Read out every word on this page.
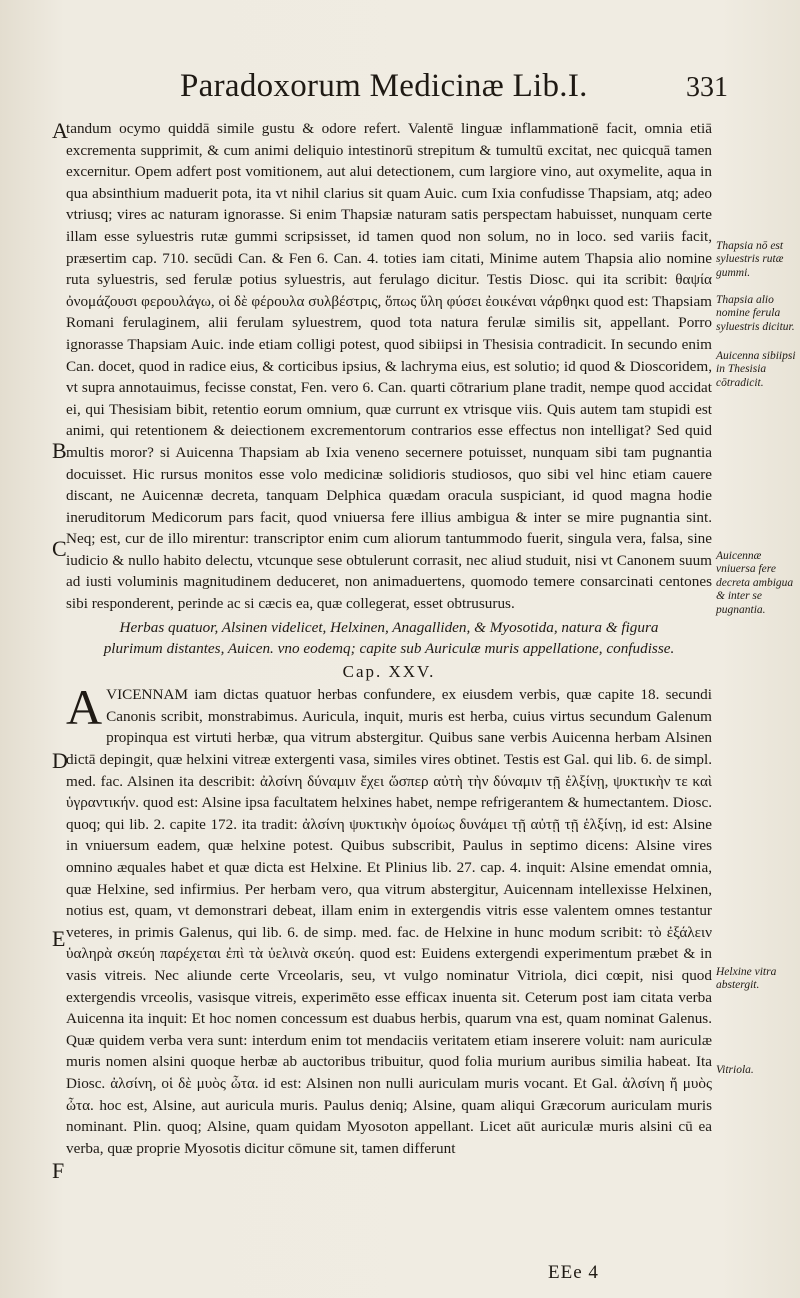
Paradoxorum Medicinæ Lib.I.	331
A
B
C
D
E
F
Thapsia nō est syluestris rutæ gummi.
Thapsia alio nomine ferula syluestris dicitur.
Auicenna sibiipsi in Thesisia cōtradicit.
Auicennæ vniuersa fere decreta ambigua & inter se pugnantia.
Helxine vitra abstergit.
Vitriola.

tandum ocymo quiddā simile gustu & odore refert. Valentē linguæ inflammationē facit, omnia etiā excrementa supprimit, & cum animi deliquio intestinorū strepitum & tumultū excitat, nec quicquā tamen excernitur. Opem adfert post vomitionem, aut alui detectionem, cum largiore vino, aut oxymelite, aqua in qua absinthium maduerit pota, ita vt nihil clarius sit quam Auic. cum Ixia confudisse Thapsiam, atq; adeo vtriusq; vires ac naturam ignorasse. Si enim Thapsiæ naturam satis perspectam habuisset, nunquam certe illam esse syluestris rutæ gummi scripsisset, id tamen quod non solum, no in loco. sed variis facit, præsertim cap. 710. secūdi Can. & Fen 6. Can. 4. toties iam citati, Minime autem Thapsia alio nomine ruta syluestris, sed ferulæ potius syluestris, aut ferulago dicitur. Testis Diosc. qui ita scribit: θαψία ὀνομάζουσι φερουλάγω, οἱ δὲ φέρουλα συλβέστρις, ὅπως ὕλη φύσει ἐοικέναι νάρθηκι quod est: Thapsiam Romani ferulaginem, alii ferulam syluestrem, quod tota natura ferulæ similis sit, appellant. Porro ignorasse Thapsiam Auic. inde etiam colligi potest, quod sibiipsi in Thesisia contradicit. In secundo enim Can. docet, quod in radice eius, & corticibus ipsius, & lachryma eius, est solutio; id quod & Dioscoridem, vt supra annotauimus, fecisse constat, Fen. vero 6. Can. quarti cōtrarium plane tradit, nempe quod accidat ei, qui Thesisiam bibit, retentio eorum omnium, quæ currunt ex vtrisque viis. Quis autem tam stupidi est animi, qui retentionem & deiectionem excrementorum contrarios esse effectus non intelligat? Sed quid multis moror? si Auicenna Thapsiam ab Ixia veneno secernere potuisset, nunquam sibi tam pugnantia docuisset. Hic rursus monitos esse volo medicinæ solidioris studiosos, quo sibi vel hinc etiam cauere discant, ne Auicennæ decreta, tanquam Delphica quædam oracula suspiciant, id quod magna hodie ineruditorum Medicorum pars facit, quod vniuersa fere illius ambigua & inter se mire pugnantia sint. Neq; est, cur de illo mirentur: transcriptor enim cum aliorum tantummodo fuerit, singula vera, falsa, sine iudicio & nullo habito delectu, vtcunque sese obtulerunt corrasit, nec aliud studuit, nisi vt Canonem suum ad iusti voluminis magnitudinem deduceret, non animaduertens, quomodo temere consarcinati centones sibi responderent, perinde ac si cæcis ea, quæ collegerat, esset obtrusurus.

Herbas quatuor, Alsinen videlicet, Helxinen, Anagalliden, & Myosotida, natura & figura plurimum distantes, Auicen. vno eodemq; capite sub Auriculæ muris appellatione, confudisse.

Cap. XXV.

AVICENNAM iam dictas quatuor herbas confundere, ex eiusdem verbis, quæ capite 18. secundi Canonis scribit, monstrabimus. Auricula, inquit, muris est herba, cuius virtus secundum Galenum propinqua est virtuti herbæ, qua vitrum abstergitur. Quibus sane verbis Auicenna herbam Alsinen dictā depingit, quæ helxini vitreæ extergenti vasa, similes vires obtinet. Testis est Gal. qui lib. 6. de simpl. med. fac. Alsinen ita describit: ἀλσίνη δύναμιν ἔχει ὥσπερ αὐτὴ τὴν δύναμιν τῇ ἑλξίνῃ, ψυκτικὴν τε καὶ ὑγραντικήν. quod est: Alsine ipsa facultatem helxines habet, nempe refrigerantem & humectantem. Diosc. quoq; qui lib. 2. capite 172. ita tradit: ἀλσίνη ψυκτικὴν ὁμοίως δυνάμει τῇ αὐτῇ τῇ ἑλξίνῃ, id est: Alsine in vniuersum eadem, quæ helxine potest. Quibus subscribit, Paulus in septimo dicens: Alsine vires omnino æquales habet et quæ dicta est Helxine. Et Plinius lib. 27. cap. 4. inquit: Alsine emendat omnia, quæ Helxine, sed infirmius. Per herbam vero, qua vitrum abstergitur, Auicennam intellexisse Helxinen, notius est, quam, vt demonstrari debeat, illam enim in extergendis vitris esse valentem omnes testantur veteres, in primis Galenus, qui lib. 6. de simp. med. fac. de Helxine in hunc modum scribit: τὸ ἐξάλειν ὑαληρὰ σκεύη παρέχεται ἐπὶ τὰ ὑελινὰ σκεύη. quod est: Euidens extergendi experimentum præbet & in vasis vitreis. Nec aliunde certe Vrceolaris, seu, vt vulgo nominatur Vitriola, dici cœpit, nisi quod extergendis vrceolis, vasisque vitreis, experimēto esse efficax inuenta sit. Ceterum post iam citata verba Auicenna ita inquit: Et hoc nomen concessum est duabus herbis, quarum vna est, quam nominat Galenus. Quæ quidem verba vera sunt: interdum enim tot mendaciis veritatem etiam inserere voluit: nam auriculæ muris nomen alsini quoque herbæ ab auctoribus tribuitur, quod folia murium auribus similia habeat. Ita Diosc. ἀλσίνη, οἱ δὲ μυὸς ὦτα. id est: Alsinen non nulli auriculam muris vocant. Et Gal. ἀλσίνη ἤ μυὸς ὦτα. hoc est, Alsine, aut auricula muris. Paulus deniq; Alsine, quam aliqui Græcorum auriculam muris nominant. Plin. quoq; Alsine, quam quidam Myosoton appellant. Licet aūt auriculæ muris alsini cū ea verba, quæ proprie Myosotis dicitur cōmune sit, tamen differunt

EEe 4
